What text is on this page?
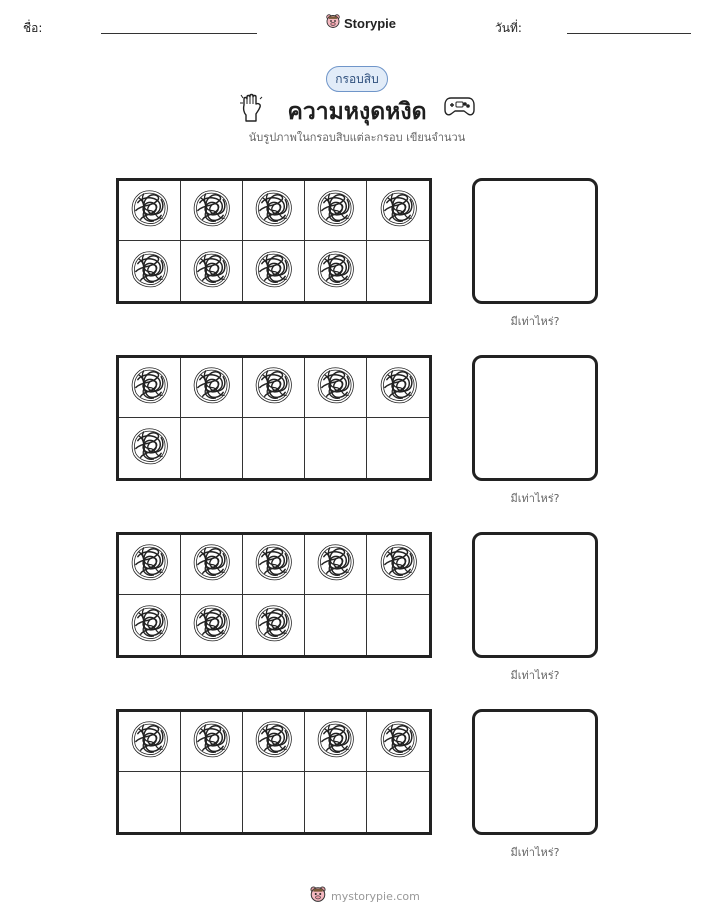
ชื่อ:	Storypie	วันที่:
กรอบสิบ
ความหงุดหงิด
นับรูปภาพในกรอบสิบแต่ละกรอบ เขียนจำนวน
มีเท่าไหร่?
มีเท่าไหร่?
มีเท่าไหร่?
มีเท่าไหร่?
mystorypie.com
